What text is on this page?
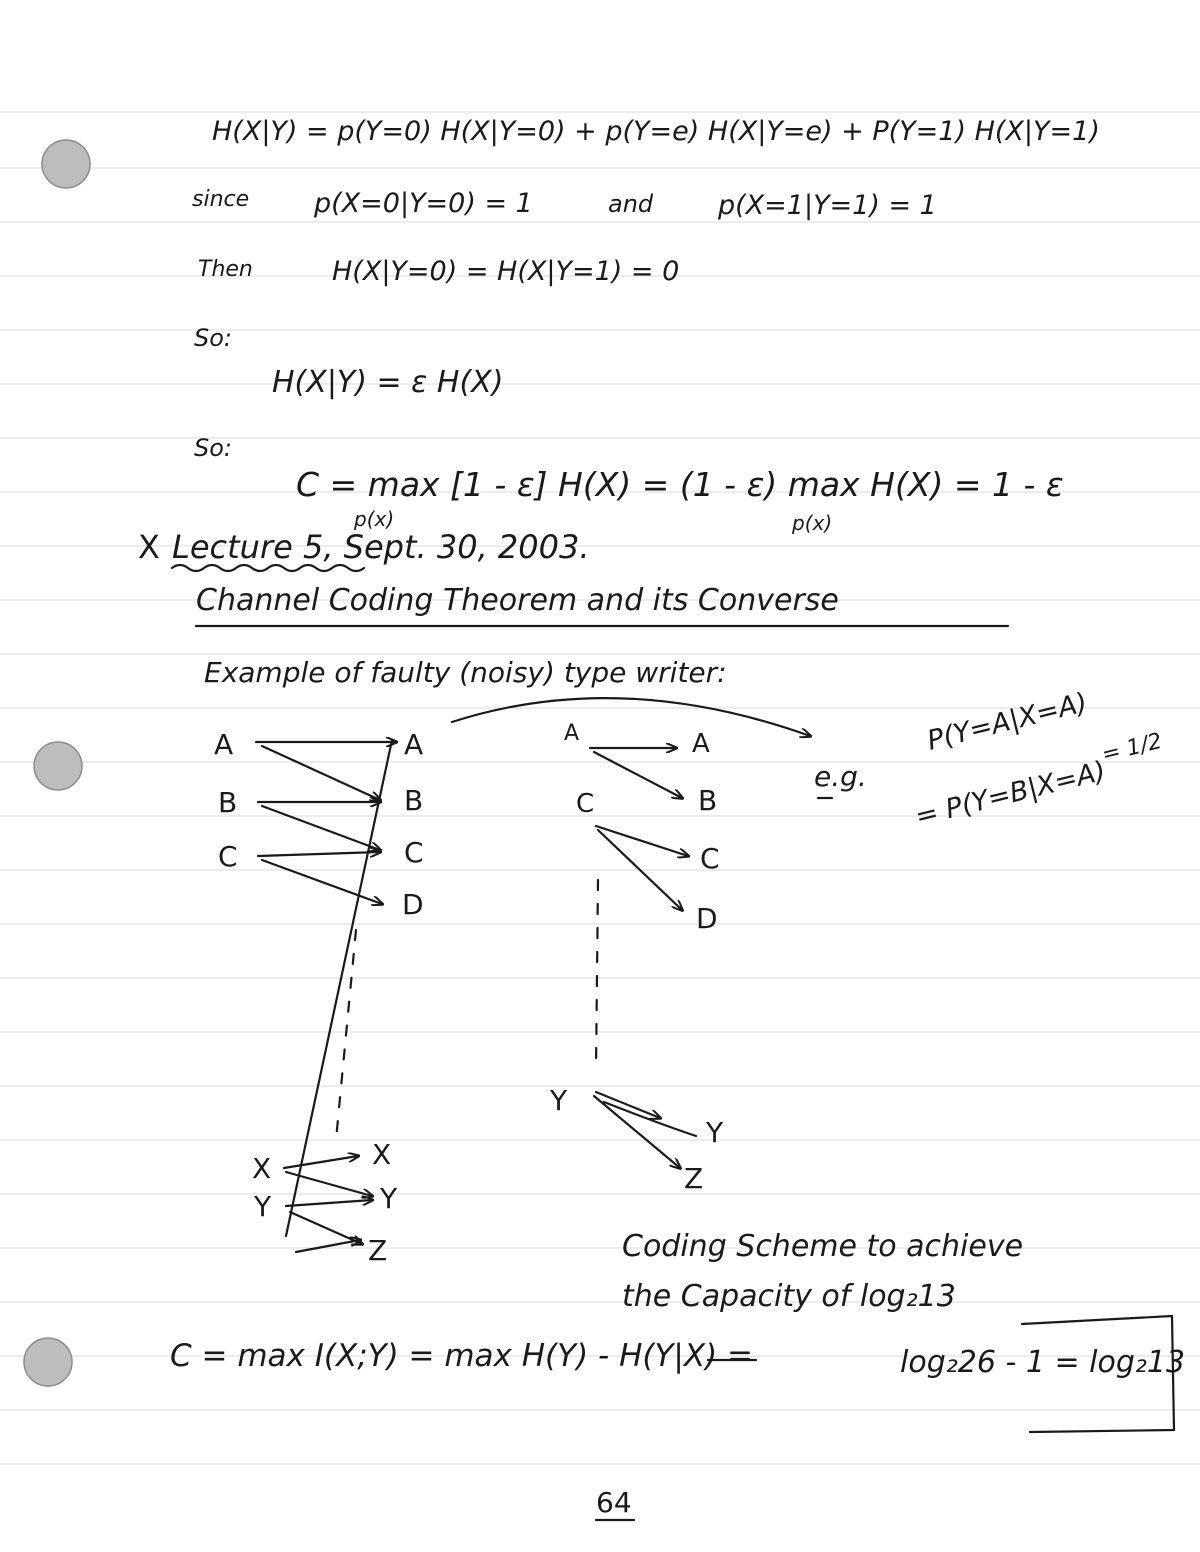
H(X|Y) = p(Y=0) H(X|Y=0) + p(Y=e) H(X|Y=e) + P(Y=1) H(X|Y=1)
since p(X=0|Y=0) = 1	and p(X=1|Y=1) = 1
Then	H(X|Y=0) = H(X|Y=1) = 0
So:
H(X|Y) = ε H(X)
So:
C = max [1 - ε] H(X) = (1 - ε) max H(X) = 1 - ε
p(x)	p(x)
X Lecture 5, Sept. 30, 2003.
Channel Coding Theorem and its Converse
Example of faulty (noisy) type writer:
A
B
C
A
B
C
D
X
Y
X
Y
Z
A
C
A
B
C
D
Y
Y
Z
e.g.
P(Y=A|X=A) = 1/2
= P(Y=B|X=A)
Coding Scheme to achieve
the Capacity of log₂13
C = max I(X;Y) = max H(Y) - H(Y|X) =	log₂26 - 1 = log₂13
64
